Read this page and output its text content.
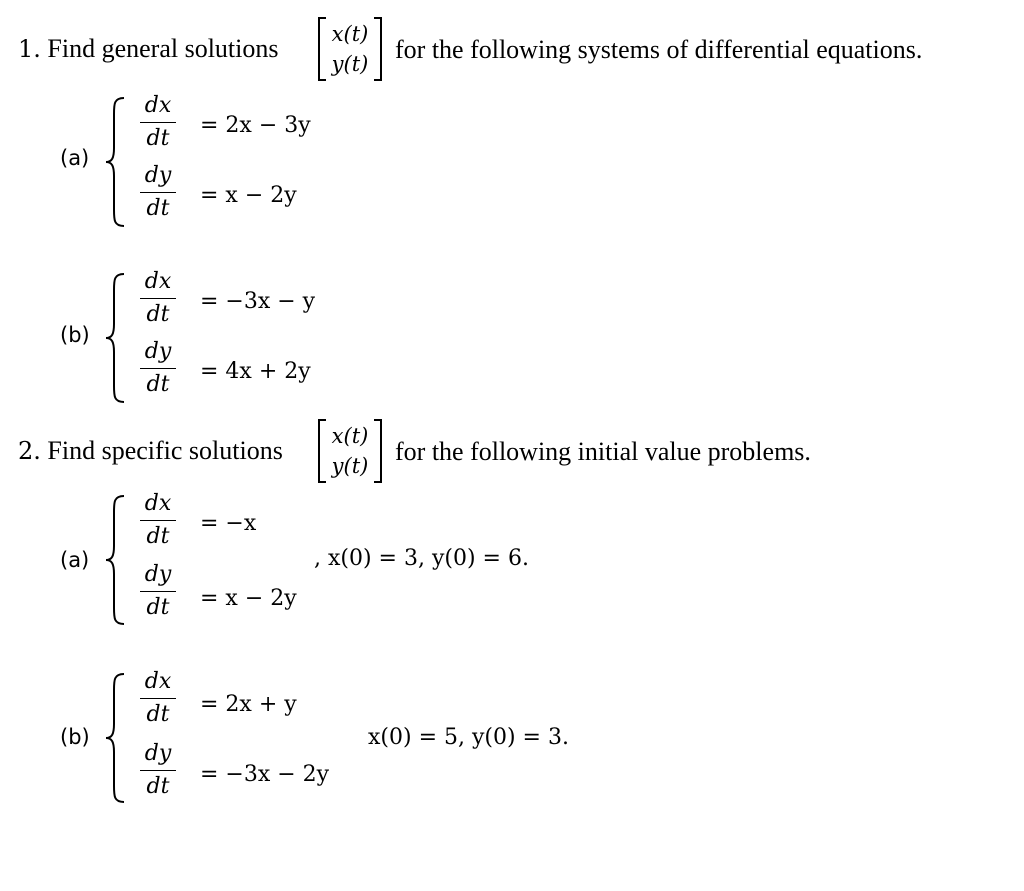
1. Find general solutions	x(t)
y(t) for the following systems of differential equations.
(a)
dx
dt
= 2x − 3y
dy
dt
= x − 2y
(b)
dx
dt
= −3x − y
dy
dt
= 4x + 2y
2. Find specific solutions x(t)
y(t) for the following initial value problems.
(a)
dx
dt
= −x
dy
dt = x − 2y
, x(0) = 3, y(0) = 6.
(b)
dx
dt = 2x + y
dy
dt = −3x − 2y
x(0) = 5, y(0) = 3.
